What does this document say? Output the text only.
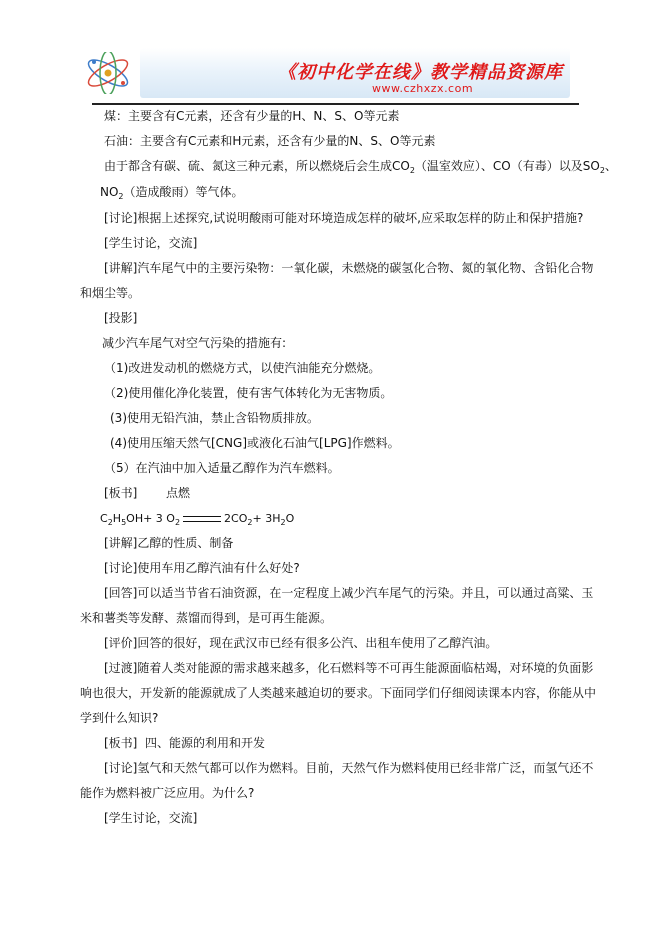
《初中化学在线》教学精品资源库
www.czhxzx.com
煤：主要含有C元素，还含有少量的H、N、S、O等元素
石油：主要含有C元素和H元素，还含有少量的N、S、O等元素
由于都含有碳、硫、氮这三种元素，所以燃烧后会生成$CO_2$（温室效应）、CO（有毒）以及$SO_2$、
$NO_2$（造成酸雨）等气体。
[讨论]根据上述探究,试说明酸雨可能对环境造成怎样的破坏,应采取怎样的防止和保护措施?
[学生讨论，交流]
[讲解]汽车尾气中的主要污染物：一氧化碳，未燃烧的碳氢化合物、氮的氧化物、含铅化合物
和烟尘等。
[投影]
减少汽车尾气对空气污染的措施有:
（1)改进发动机的燃烧方式，以使汽油能充分燃烧。
（2)使用催化净化装置，使有害气体转化为无害物质。
(3)使用无铅汽油，禁止含铅物质排放。
(4)使用压缩天然气[CNG]或液化石油气[LPG]作燃料。
（5）在汽油中加入适量乙醇作为汽车燃料。
[板书] 点燃
$C_2H_5OH+ 3$ $O_2$	$2CO_2+ 3H_2O$
[讲解]乙醇的性质、制备
[讨论]使用车用乙醇汽油有什么好处?
[回答]可以适当节省石油资源，在一定程度上减少汽车尾气的污染。并且，可以通过高粱、玉
米和薯类等发酵、蒸馏而得到，是可再生能源。
[评价]回答的很好，现在武汉市已经有很多公汽、出租车使用了乙醇汽油。
[过渡]随着人类对能源的需求越来越多，化石燃料等不可再生能源面临枯竭，对环境的负面影
响也很大，开发新的能源就成了人类越来越迫切的要求。下面同学们仔细阅读课本内容，你能从中
学到什么知识?
[板书]  四、能源的利用和开发
[讨论]氢气和天然气都可以作为燃料。目前，天然气作为燃料使用已经非常广泛，而氢气还不
能作为燃料被广泛应用。为什么?
[学生讨论，交流]
